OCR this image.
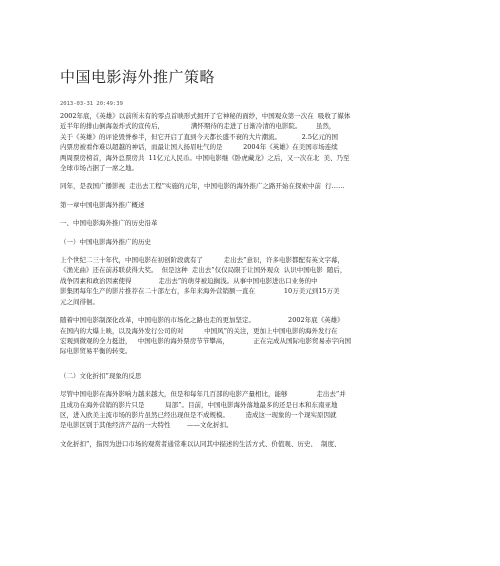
中国电影海外推广策略
2013-03-31 20:49:39

2002年底，《英雄》以前所未有的零点首映形式拥开了它神秘的面纱，中国观众第一次在  吸收了媒体
近半年的排山倒海轰炸式的宣传后，             满怀期待的走进了日渐冷清的电影院。       虽然，
关于《英雄》的评论毁誉参半，但它开启了直到今天都长盛不衰的大片潮流。          2.5亿元的国
内票房被看作难以超越的神话，而最让国人扬眉吐气的是          2004年《英雄》在美国市场连续
两周票房榜首，海外总票房共  11亿元人民币。中国电影继《卧虎藏龙》之后，又一次在北  美、乃至
全球市场占据了一席之地。

同年，是我国广播影视  走出去工程”实施的元年，中国电影的海外推广之路开始在探索中前  行……

第一章中国电影海外推广概述

一、中国电影海外推广的历史沿革

（一）中国电影海外推广的历史

上个世纪二三十年代，中国电影在初创阶段就有了          走出去”意识，许多电影都配有英文字幕，
《渔光曲》还在前苏联获得大奖。  但是这种  走出去”仅仅局限于让国外观众  认识中国电影  随后，
战争因素和政治因素使得             走出去”的萌芽被迫搁浅。从事中国电影进出口业务的中
影集团每年生产的影片推荐在二十部左右，多年来海外营销额一直在              10万美元到15万美
元之间徘徊。

随着中国电影制深化改革，中国电影的市场化之路也走的更加坚定。                2002年底《英雄》
在国内的大爆上映，以及海外发行公司的对          中国风”的关注，更加上中国电影的海外发行在
宏观到微观的全力挺进，   中国电影的海外票房节节攀高，            正在完成从国际电影贸易赤字向国
际电影贸易平衡的转变。

（二）文化折扣”现象的反思

尽管中国电影在海外影响力越来越大，但是和每年几百部的电影产量相比，能够              走出去”并
且成功在海外营销的影片只是          局部”。目前，中国电影海外落地最多的还是日本和东南亚地
区，进入欧美主流市场的影片虽然已经出现但是不成规模。        造成这一现象的一个现实原因就
是电影区别于其他经济产品的一大特性        ——文化折扣。

文化折扣”，指因为进口市场的观赏者通常难以认同其中描述的生活方式、价值观、历史、  制度、
